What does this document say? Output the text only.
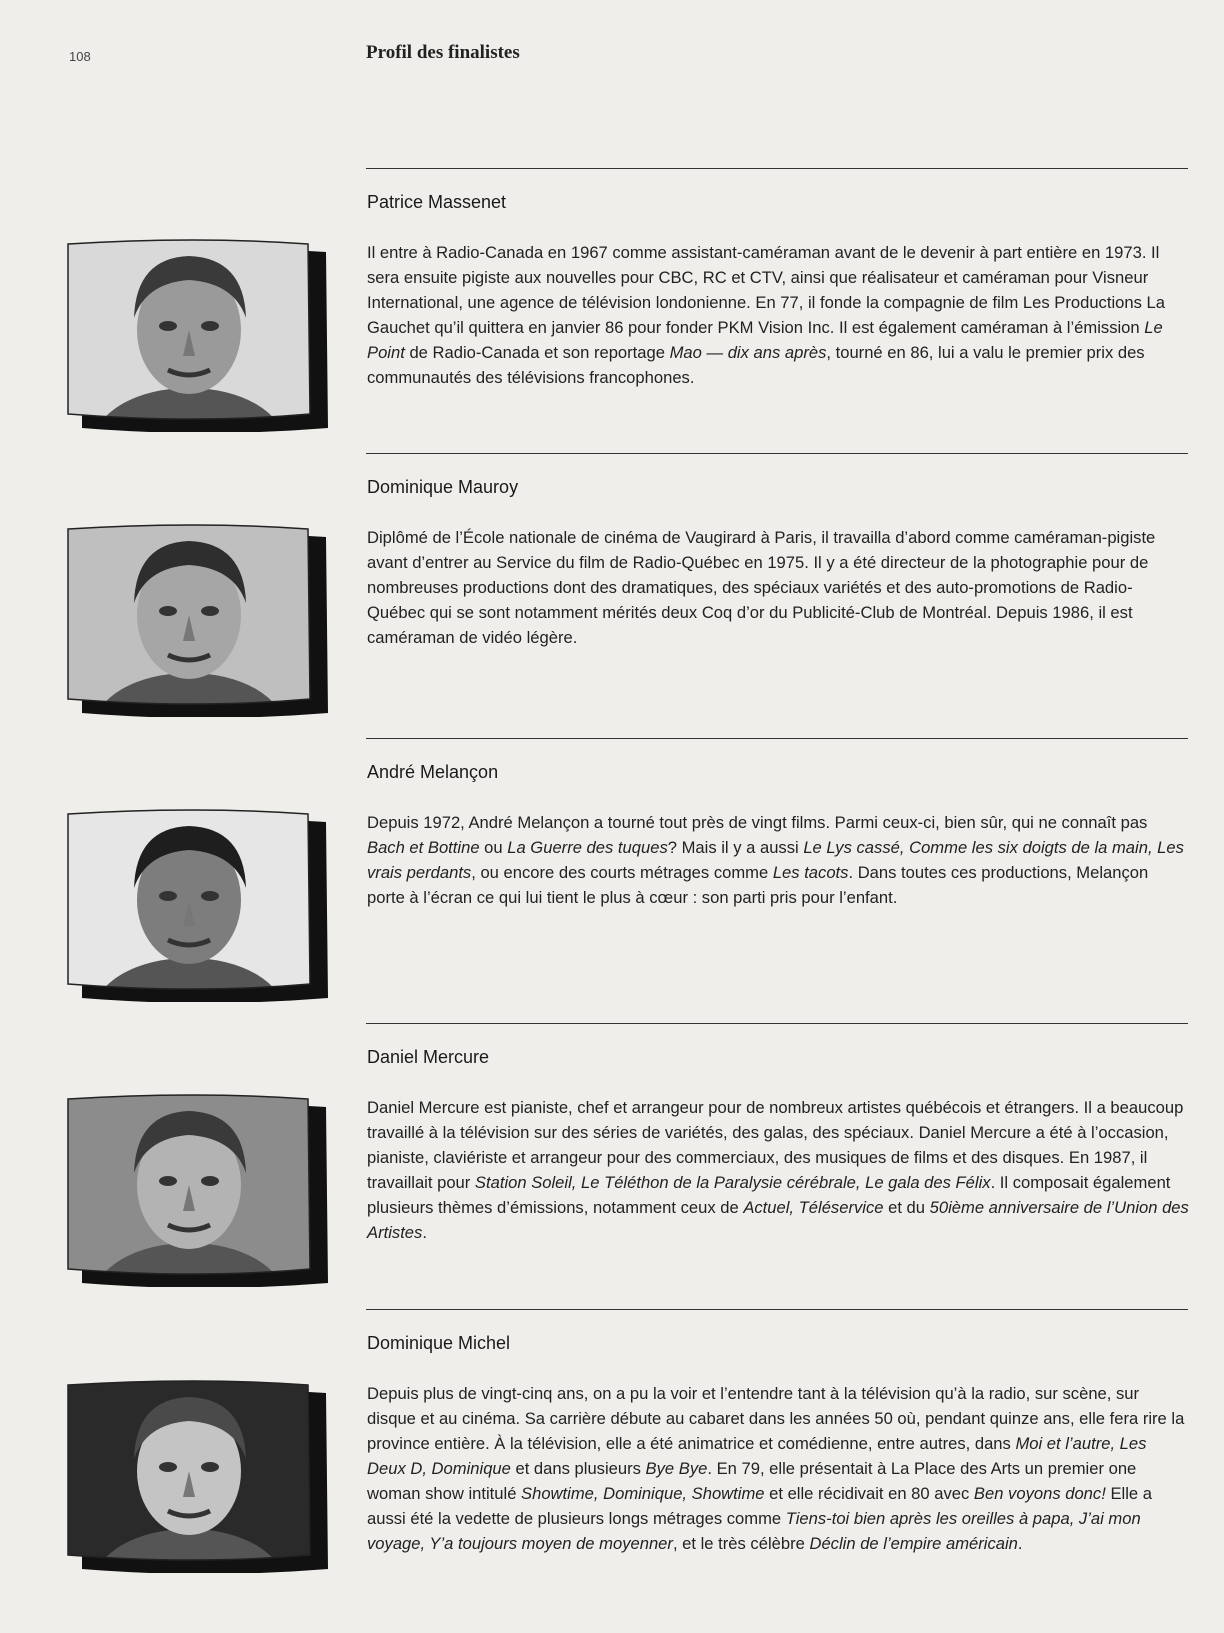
108	Profil des finalistes
Patrice Massenet

Il entre à Radio-Canada en 1967 comme assistant-caméraman avant de le devenir à part entière en 1973. Il sera ensuite pigiste aux nouvelles pour CBC, RC et CTV, ainsi que réalisateur et caméraman pour Visneur International, une agence de télévision londonienne. En 77, il fonde la compagnie de film Les Productions La Gauchet qu’il quittera en janvier 86 pour fonder PKM Vision Inc. Il est également caméraman à l’émission Le Point de Radio-Canada et son reportage Mao — dix ans après, tourné en 86, lui a valu le premier prix des communautés des télévisions francophones.

Dominique Mauroy

Diplômé de l’École nationale de cinéma de Vaugirard à Paris, il travailla d’abord comme caméraman-pigiste avant d’entrer au Service du film de Radio-Québec en 1975. Il y a été directeur de la photographie pour de nombreuses productions dont des dramatiques, des spéciaux variétés et des auto-promotions de Radio-Québec qui se sont notamment mérités deux Coq d’or du Publicité-Club de Montréal. Depuis 1986, il est caméraman de vidéo légère.

André Melançon

Depuis 1972, André Melançon a tourné tout près de vingt films. Parmi ceux-ci, bien sûr, qui ne connaît pas Bach et Bottine ou La Guerre des tuques? Mais il y a aussi Le Lys cassé, Comme les six doigts de la main, Les vrais perdants, ou encore des courts métrages comme Les tacots. Dans toutes ces productions, Melançon porte à l’écran ce qui lui tient le plus à cœur : son parti pris pour l’enfant.

Daniel Mercure

Daniel Mercure est pianiste, chef et arrangeur pour de nombreux artistes québécois et étrangers. Il a beaucoup travaillé à la télévision sur des séries de variétés, des galas, des spéciaux. Daniel Mercure a été à l’occasion, pianiste, claviériste et arrangeur pour des commerciaux, des musiques de films et des disques. En 1987, il travaillait pour Station Soleil, Le Téléthon de la Paralysie cérébrale, Le gala des Félix. Il composait également plusieurs thèmes d’émissions, notamment ceux de Actuel, Téléservice et du 50ième anniversaire de l’Union des Artistes.

Dominique Michel

Depuis plus de vingt-cinq ans, on a pu la voir et l’entendre tant à la télévision qu’à la radio, sur scène, sur disque et au cinéma. Sa carrière débute au cabaret dans les années 50 où, pendant quinze ans, elle fera rire la province entière. À la télévision, elle a été animatrice et comédienne, entre autres, dans Moi et l’autre, Les Deux D, Dominique et dans plusieurs Bye Bye. En 79, elle présentait à La Place des Arts un premier one woman show intitulé Showtime, Dominique, Showtime et elle récidivait en 80 avec Ben voyons donc! Elle a aussi été la vedette de plusieurs longs métrages comme Tiens-toi bien après les oreilles à papa, J’ai mon voyage, Y’a toujours moyen de moyenner, et le très célèbre Déclin de l’empire américain.
